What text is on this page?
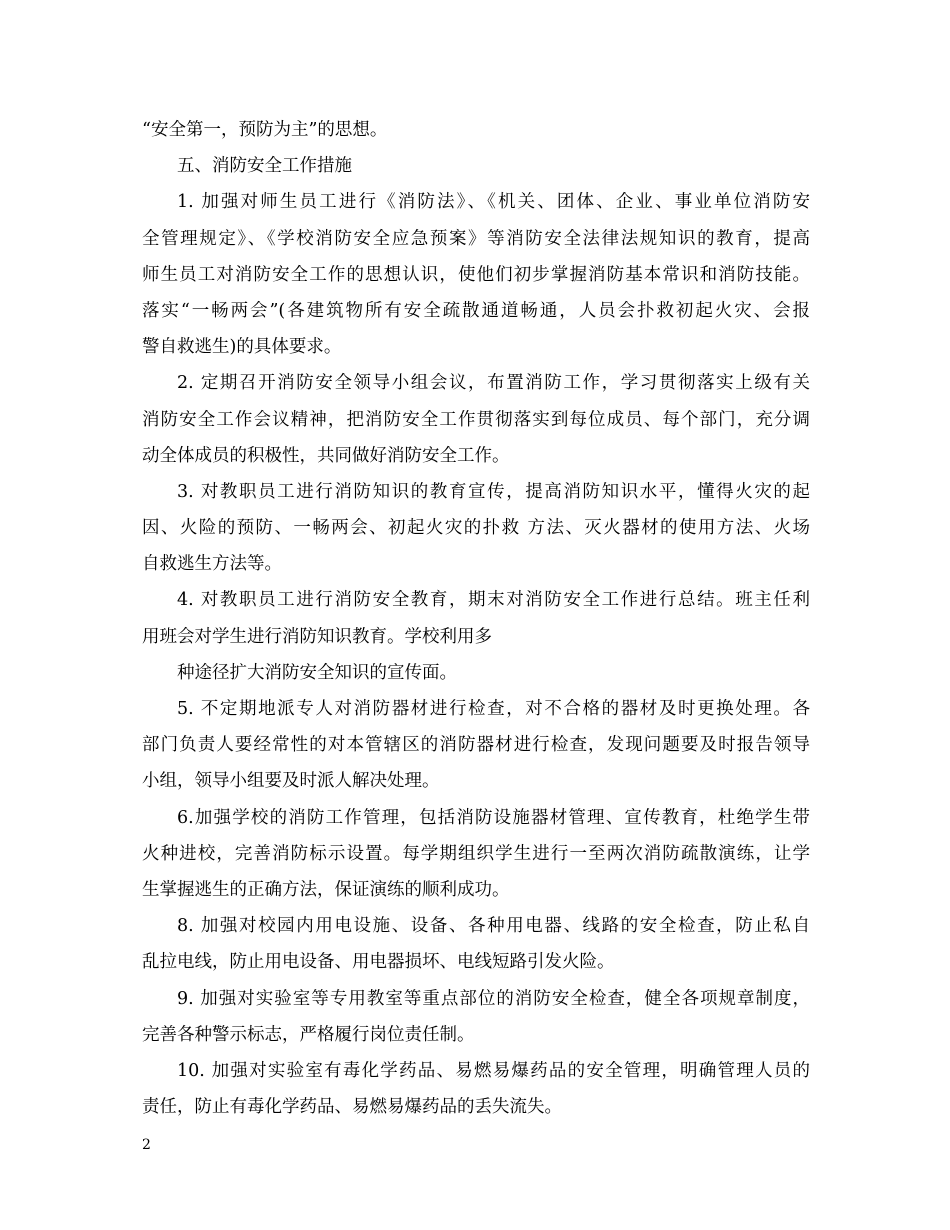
“安全第一，预防为主”的思想。
五、消防安全工作措施
1. 加强对师生员工进行《消防法》、《机关、团体、企业、事业单位消防安
全管理规定》、《学校消防安全应急预案》等消防安全法律法规知识的教育，提高
师生员工对消防安全工作的思想认识，使他们初步掌握消防基本常识和消防技能。
落实“一畅两会”(各建筑物所有安全疏散通道畅通，人员会扑救初起火灾、会报
警自救逃生)的具体要求。
2. 定期召开消防安全领导小组会议，布置消防工作，学习贯彻落实上级有关
消防安全工作会议精神，把消防安全工作贯彻落实到每位成员、每个部门，充分调
动全体成员的积极性，共同做好消防安全工作。
3. 对教职员工进行消防知识的教育宣传，提高消防知识水平，懂得火灾的起
因、火险的预防、一畅两会、初起火灾的扑救 方法、灭火器材的使用方法、火场
自救逃生方法等。
4. 对教职员工进行消防安全教育，期末对消防安全工作进行总结。班主任利
用班会对学生进行消防知识教育。学校利用多
种途径扩大消防安全知识的宣传面。
5. 不定期地派专人对消防器材进行检查，对不合格的器材及时更换处理。各
部门负责人要经常性的对本管辖区的消防器材进行检查，发现问题要及时报告领导
小组，领导小组要及时派人解决处理。
6.加强学校的消防工作管理，包括消防设施器材管理、宣传教育，杜绝学生带
火种进校，完善消防标示设置。每学期组织学生进行一至两次消防疏散演练，让学
生掌握逃生的正确方法，保证演练的顺利成功。
8. 加强对校园内用电设施、设备、各种用电器、线路的安全检查，防止私自
乱拉电线，防止用电设备、用电器损坏、电线短路引发火险。
9. 加强对实验室等专用教室等重点部位的消防安全检查，健全各项规章制度，
完善各种警示标志，严格履行岗位责任制。
10. 加强对实验室有毒化学药品、易燃易爆药品的安全管理，明确管理人员的
责任，防止有毒化学药品、易燃易爆药品的丢失流失。
2
